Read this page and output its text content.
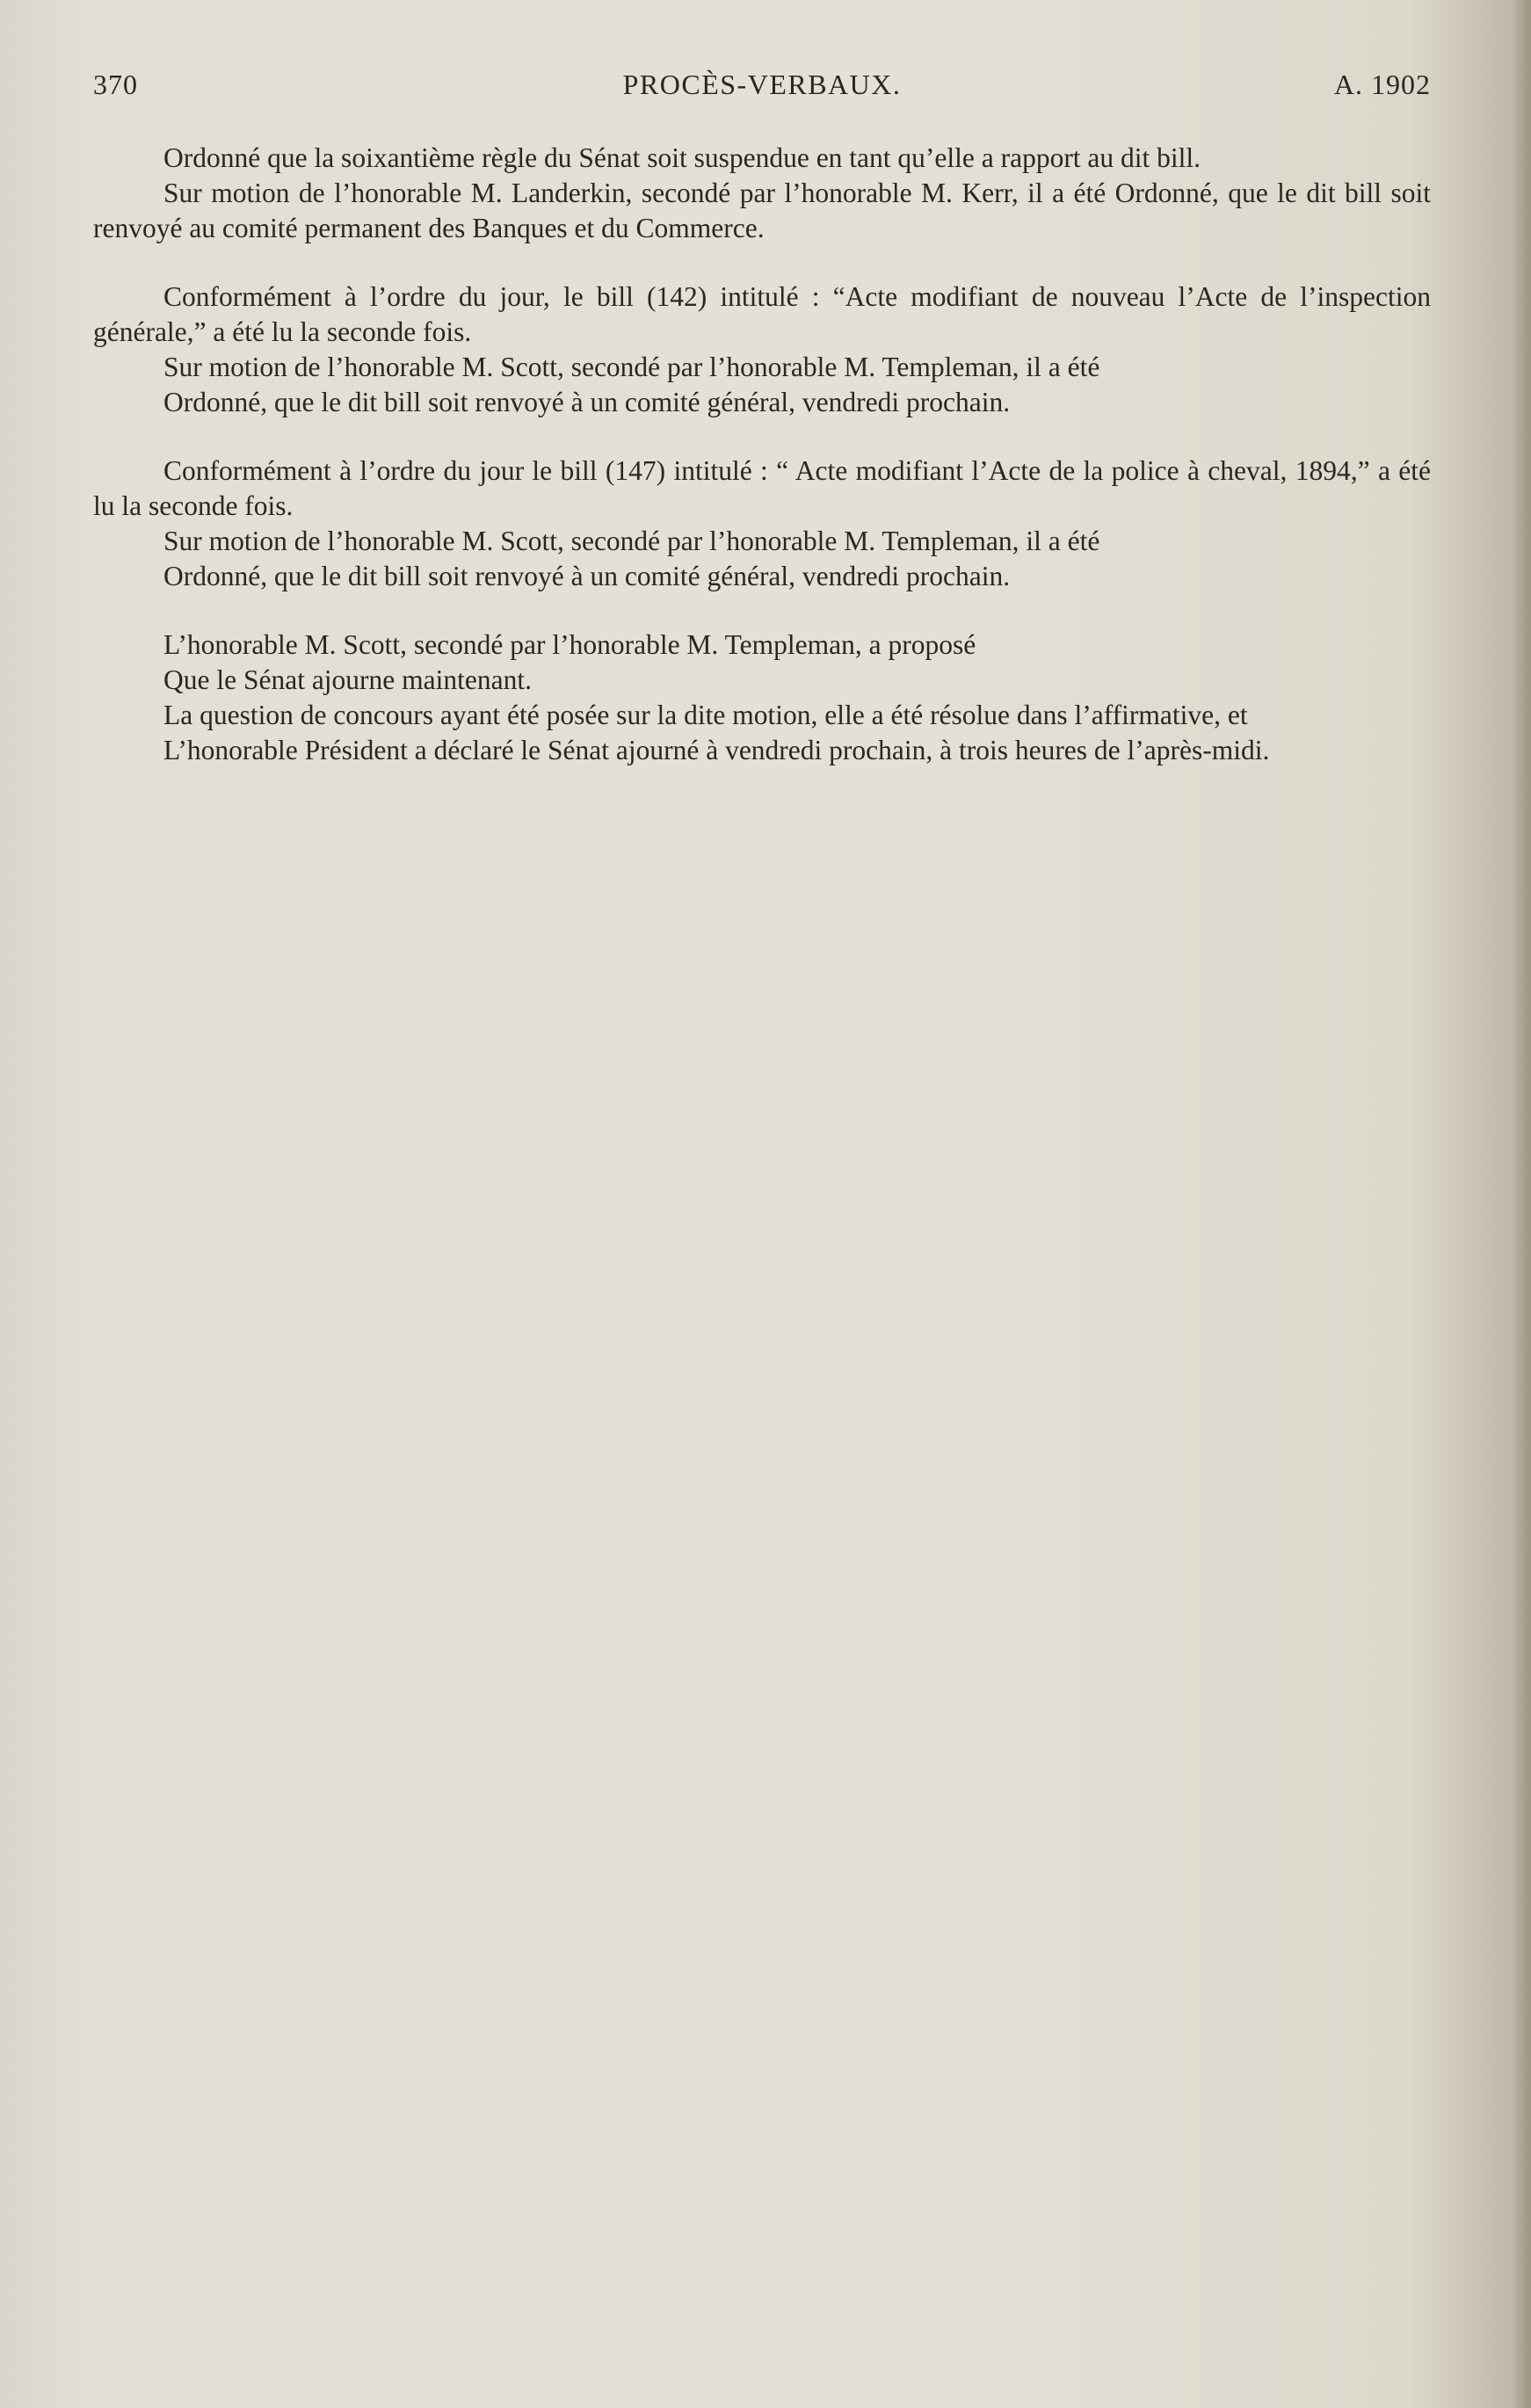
370	PROCÈS-VERBAUX.	A. 1902

Ordonné que la soixantième règle du Sénat soit suspendue en tant qu’elle a rapport au dit bill.

Sur motion de l’honorable M. Landerkin, secondé par l’honorable M. Kerr, il a été Ordonné, que le dit bill soit renvoyé au comité permanent des Banques et du Commerce.

Conformément à l’ordre du jour, le bill (142) intitulé : “Acte modifiant de nouveau l’Acte de l’inspection générale,” a été lu la seconde fois.

Sur motion de l’honorable M. Scott, secondé par l’honorable M. Templeman, il a été

Ordonné, que le dit bill soit renvoyé à un comité général, vendredi prochain.

Conformément à l’ordre du jour le bill (147) intitulé : “ Acte modifiant l’Acte de la police à cheval, 1894,” a été lu la seconde fois.

Sur motion de l’honorable M. Scott, secondé par l’honorable M. Templeman, il a été

Ordonné, que le dit bill soit renvoyé à un comité général, vendredi prochain.

L’honorable M. Scott, secondé par l’honorable M. Templeman, a proposé

Que le Sénat ajourne maintenant.

La question de concours ayant été posée sur la dite motion, elle a été résolue dans l’affirmative, et

L’honorable Président a déclaré le Sénat ajourné à vendredi prochain, à trois heures de l’après-midi.
